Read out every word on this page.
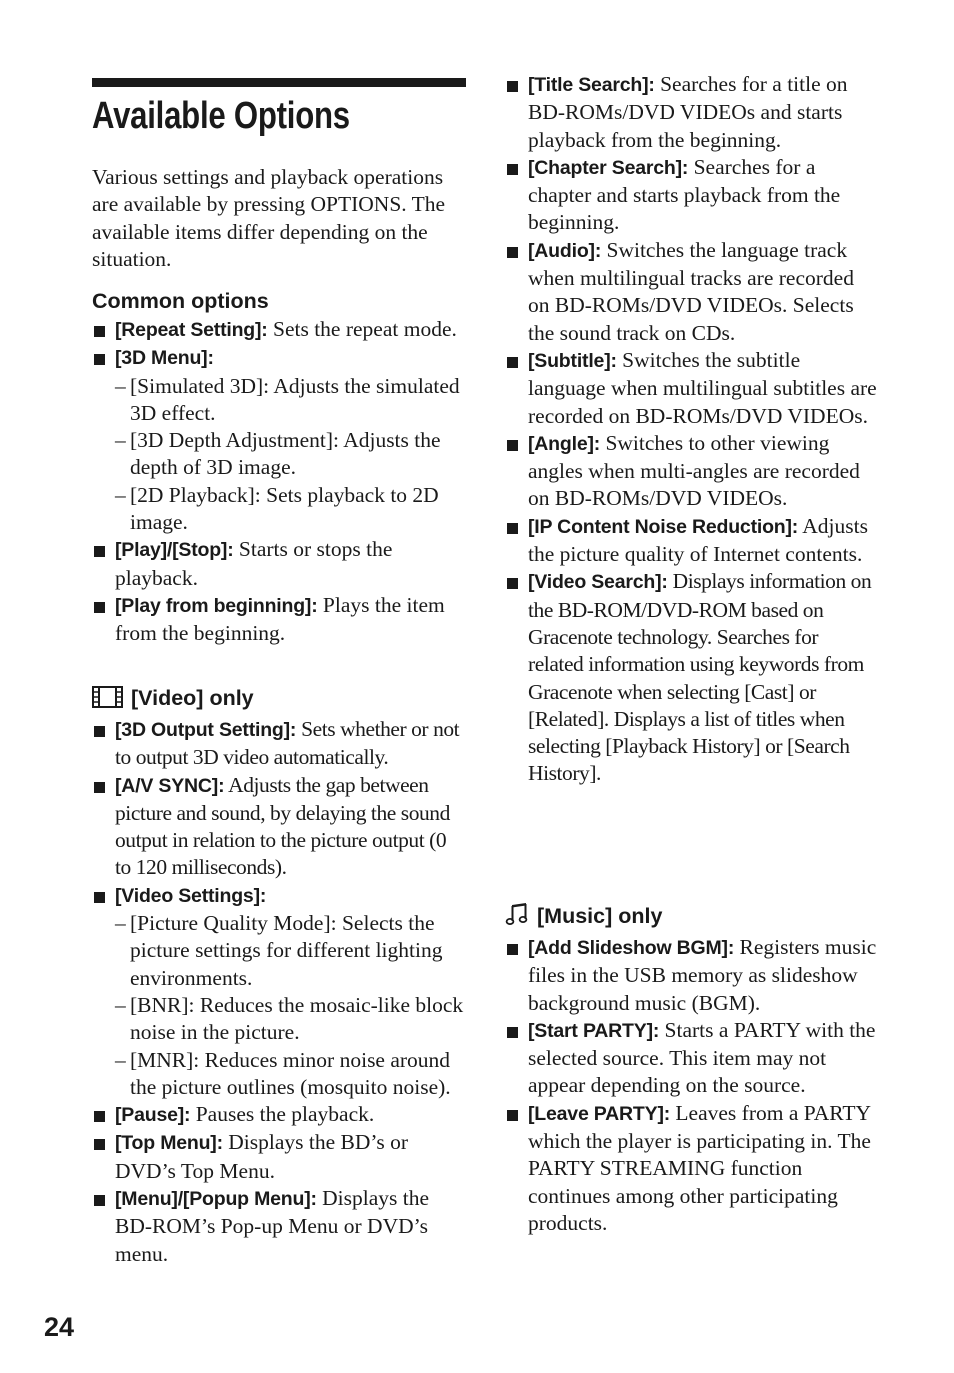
Available Options

Various settings and playback operations are available by pressing OPTIONS. The available items differ depending on the situation.

Common options
[Repeat Setting]: Sets the repeat mode.
[3D Menu]:
– [Simulated 3D]: Adjusts the simulated 3D effect.
– [3D Depth Adjustment]: Adjusts the depth of 3D image.
– [2D Playback]: Sets playback to 2D image.
[Play]/[Stop]: Starts or stops the playback.
[Play from beginning]: Plays the item from the beginning.
[Video] only
[3D Output Setting]: Sets whether or not to output 3D video automatically.
[A/V SYNC]: Adjusts the gap between picture and sound, by delaying the sound output in relation to the picture output (0 to 120 milliseconds).
[Video Settings]:
– [Picture Quality Mode]: Selects the picture settings for different lighting environments.
– [BNR]: Reduces the mosaic-like block noise in the picture.
– [MNR]: Reduces minor noise around the picture outlines (mosquito noise).
[Pause]: Pauses the playback.
[Top Menu]: Displays the BD’s or DVD’s Top Menu.
[Menu]/[Popup Menu]: Displays the BD-ROM’s Pop-up Menu or DVD’s menu.
[Title Search]: Searches for a title on BD-ROMs/DVD VIDEOs and starts playback from the beginning.
[Chapter Search]: Searches for a chapter and starts playback from the beginning.
[Audio]: Switches the language track when multilingual tracks are recorded on BD-ROMs/DVD VIDEOs. Selects the sound track on CDs.
[Subtitle]: Switches the subtitle language when multilingual subtitles are recorded on BD-ROMs/DVD VIDEOs.
[Angle]: Switches to other viewing angles when multi-angles are recorded on BD-ROMs/DVD VIDEOs.
[IP Content Noise Reduction]: Adjusts the picture quality of Internet contents.
[Video Search]: Displays information on the BD-ROM/DVD-ROM based on Gracenote technology. Searches for related information using keywords from Gracenote when selecting [Cast] or [Related]. Displays a list of titles when selecting [Playback History] or [Search History].
[Music] only
[Add Slideshow BGM]: Registers music files in the USB memory as slideshow background music (BGM).
[Start PARTY]: Starts a PARTY with the selected source. This item may not appear depending on the source.
[Leave PARTY]: Leaves from a PARTY which the player is participating in. The PARTY STREAMING function continues among other participating products.

24
